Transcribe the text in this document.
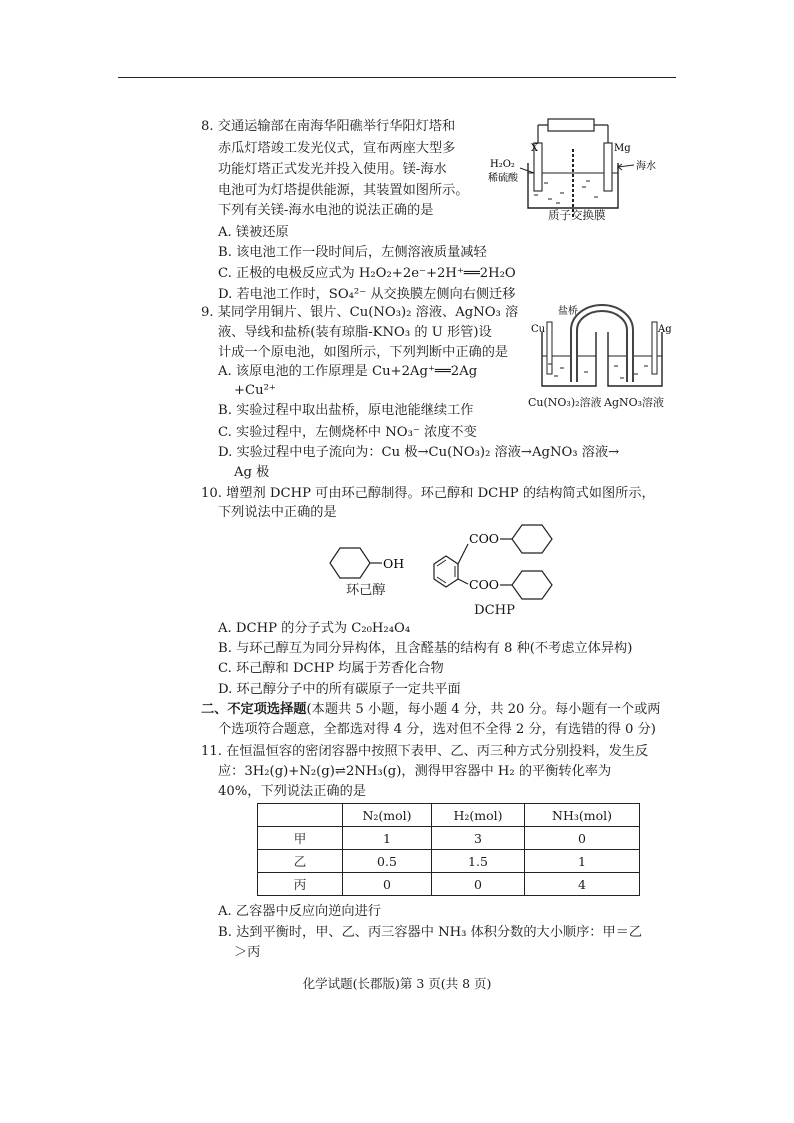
8. 交通运输部在南海华阳礁举行华阳灯塔和
赤瓜灯塔竣工发光仪式，宣布两座大型多
功能灯塔正式发光并投入使用。镁-海水
电池可为灯塔提供能源，其装置如图所示。
下列有关镁-海水电池的说法正确的是
A. 镁被还原
B. 该电池工作一段时间后，左侧溶液质量减轻
C. 正极的电极反应式为 H₂O₂+2e⁻+2H⁺══2H₂O
D. 若电池工作时，SO₄²⁻ 从交换膜左侧向右侧迁移
X	Mg
H₂O₂
稀硫酸
海水
质子交换膜
9. 某同学用铜片、银片、Cu(NO₃)₂ 溶液、AgNO₃ 溶
液、导线和盐桥(装有琼脂-KNO₃ 的 U 形管)设
计成一个原电池，如图所示，下列判断中正确的是
A. 该原电池的工作原理是 Cu+2Ag⁺══2Ag
+Cu²⁺
B. 实验过程中取出盐桥，原电池能继续工作
C. 实验过程中，左侧烧杯中 NO₃⁻ 浓度不变
D. 实验过程中电子流向为：Cu 极→Cu(NO₃)₂ 溶液→AgNO₃ 溶液→
Ag 极
盐桥
Cu	Ag
Cu(NO₃)₂溶液 AgNO₃溶液
10. 增塑剂 DCHP 可由环己醇制得。环己醇和 DCHP 的结构简式如图所示，
下列说法中正确的是
OH
COO
COO
环己醇
DCHP
A. DCHP 的分子式为 C₂₀H₂₄O₄
B. 与环己醇互为同分异构体，且含醛基的结构有 8 种(不考虑立体异构)
C. 环己醇和 DCHP 均属于芳香化合物
D. 环己醇分子中的所有碳原子一定共平面
二、不定项选择题(本题共 5 小题，每小题 4 分，共 20 分。每小题有一个或两
个选项符合题意，全都选对得 4 分，选对但不全得 2 分，有选错的得 0 分)
11. 在恒温恒容的密闭容器中按照下表甲、乙、丙三种方式分别投料，发生反
应：3H₂(g)+N₂(g)⇌2NH₃(g)，测得甲容器中 H₂ 的平衡转化率为
40%，下列说法正确的是
	N₂(mol)	H₂(mol)	NH₃(mol)
甲	1	3	0
乙	0.5	1.5	1
丙	0	0	4
A. 乙容器中反应向逆向进行
B. 达到平衡时，甲、乙、丙三容器中 NH₃ 体积分数的大小顺序：甲＝乙
＞丙
化学试题(长郡版)第 3 页(共 8 页)
